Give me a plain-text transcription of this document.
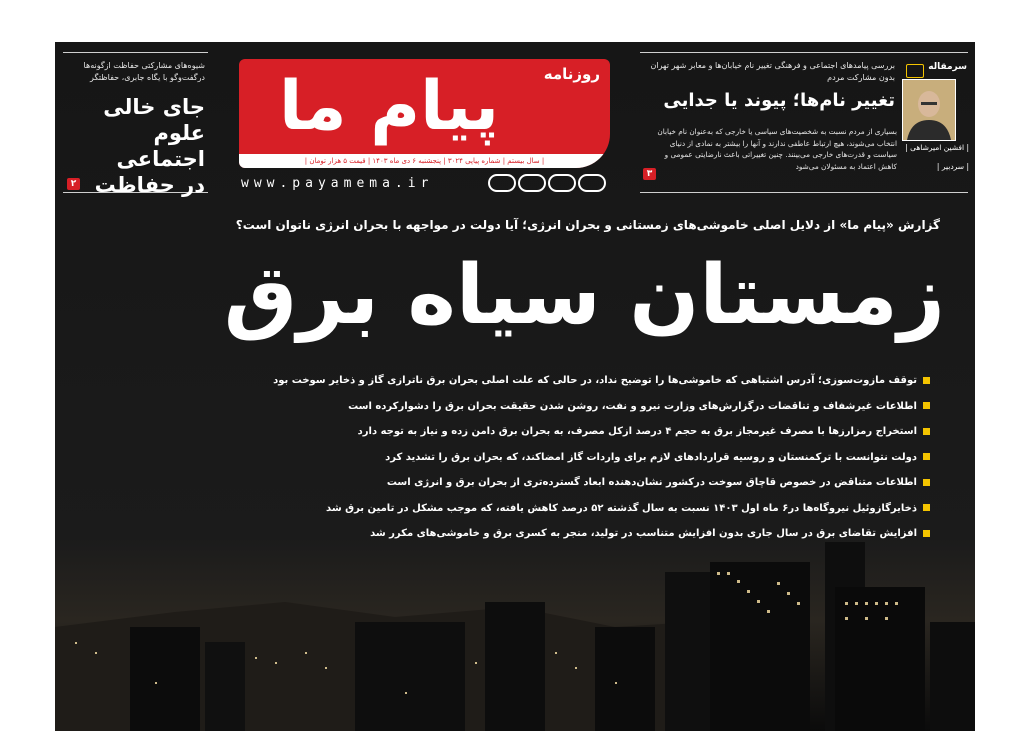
شیوه‌های مشارکتی حفاظت ازگونه‌ها درگفت‌وگو با یگاه جابری، حفاظتگر

جای خالی
علوم اجتماعی
در حفاظت

۲
روزنامه
پیام ما
| سال بیستم | شماره پیاپی ۳۰۲۴ | پنجشنبه ۶ دی ماه ۱۴۰۳ | قیمت ۵ هزار تومان |
www.payamema.ir

سرمقاله

بررسی پیامدهای اجتماعی و فرهنگی تغییر نام خیابان‌ها و معابر شهر تهران بدون مشارکت مردم

تغییر نام‌ها؛ پیوند یا جدایی

بسیاری از مردم نسبت به شخصیت‌های سیاسی یا خارجی که به‌عنوان نام خیابان انتخاب می‌شوند، هیچ ارتباط عاطفی ندارند و آنها را بیشتر به نمادی از دنیای سیاست و قدرت‌های خارجی می‌بینند. چنین تغییراتی باعث نارضایتی عمومی و کاهش اعتماد به مسئولان می‌شود

| افشین امیرشاهی |

| سردبیر |

۳

گزارش «پیام ما» از دلایل اصلی خاموشی‌های زمستانی و بحران انرژی؛ آیا دولت در مواجهه با بحران انرژی ناتوان است؟

زمستان سیاه برق
توقف مازوت‌سوزی؛ آدرس اشتباهی که خاموشی‌ها را توضیح نداد، در حالی که علت اصلی بحران برق ناترازی گاز و ذخایر سوخت بود
اطلاعات غیرشفاف و تناقضات درگزارش‌های وزارت نیرو و نفت، روشن شدن حقیقت بحران برق را دشوارکرده است
استخراج رمزارزها با مصرف غیرمجاز برق به حجم ۴ درصد ازکل مصرف، به بحران برق دامن زده و نیاز به توجه دارد
دولت نتوانست با ترکمنستان و روسیه قراردادهای لازم برای واردات گاز امضاکند، که بحران برق را تشدید کرد
اطلاعات متناقض در خصوص قاچاق سوخت درکشور نشان‌دهنده ابعاد گسترده‌تری از بحران برق و انرژی است
ذخایرگازوئیل نیروگاه‌ها در۶ ماه اول ۱۴۰۳ نسبت به سال گذشته ۵۲ درصد کاهش یافته، که موجب مشکل در تامین برق شد
افزایش تقاضای برق در سال جاری بدون افزایش متناسب در تولید، منجر به کسری برق و خاموشی‌های مکرر شد
